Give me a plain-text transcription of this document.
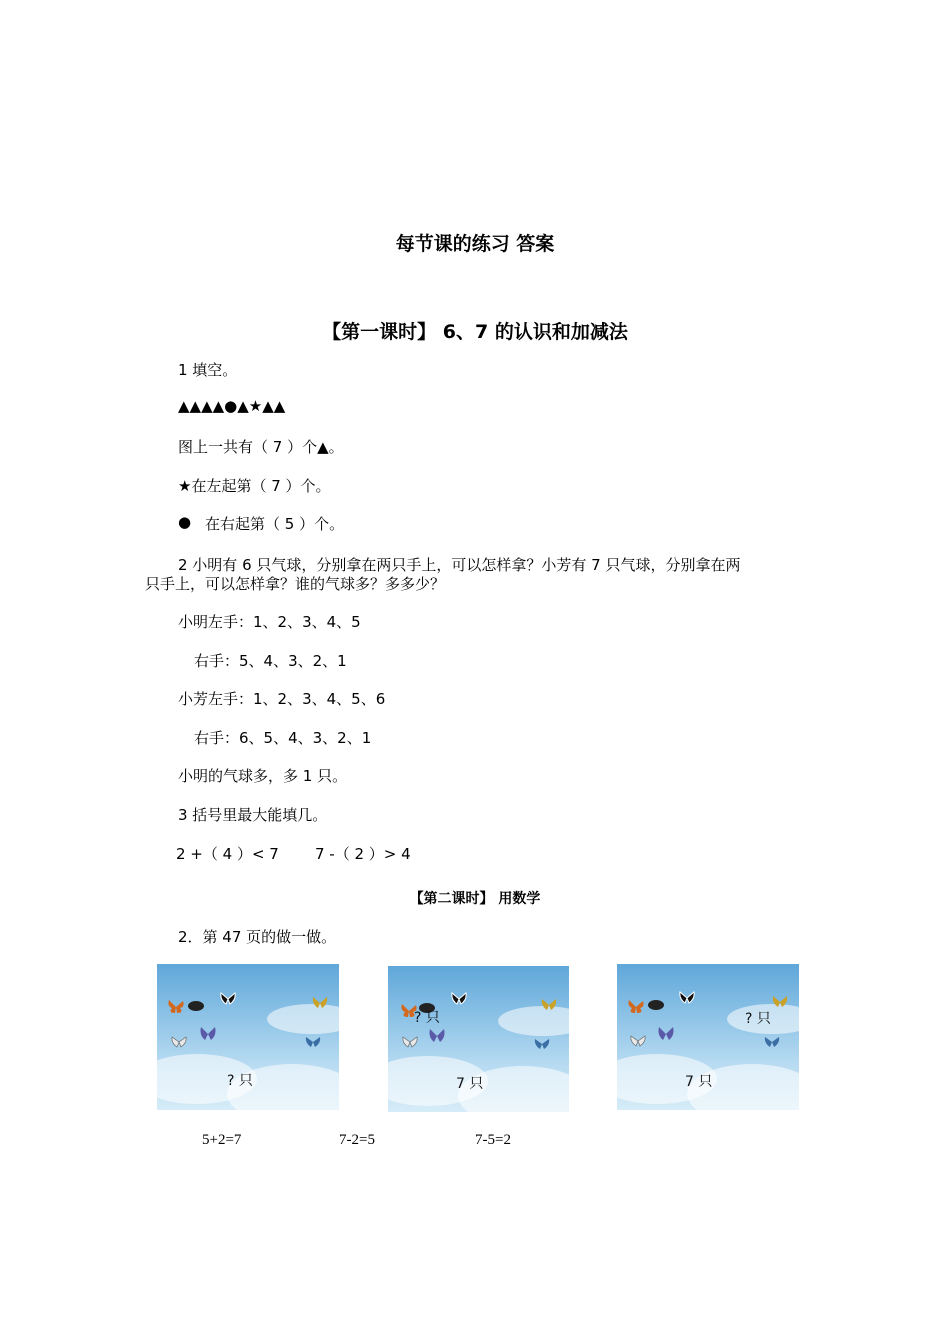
每节课的练习 答案
【第一课时】 6、7 的认识和加减法
1 填空。
▲▲▲▲●▲★▲▲
图上一共有（ 7 ）个▲。
★在左起第（ 7 ）个。
● 在右起第（ 5 ）个。
2 小明有 6 只气球，分别拿在两只手上，可以怎样拿？小芳有 7 只气球，分别拿在两
只手上，可以怎样拿？谁的气球多？多多少？
小明左手：1、2、3、4、5
右手：5、4、3、2、1
小芳左手：1、2、3、4、5、6
右手：6、5、4、3、2、1
小明的气球多，多 1 只。
3 括号里最大能填几。
2 +（ 4 ）< 7 7 -（ 2 ）> 4
【第二课时】 用数学
2．第 47 页的做一做。
? 只
? 只
7 只
? 只
7 只
5+2=7	7-2=5	7-5=2
